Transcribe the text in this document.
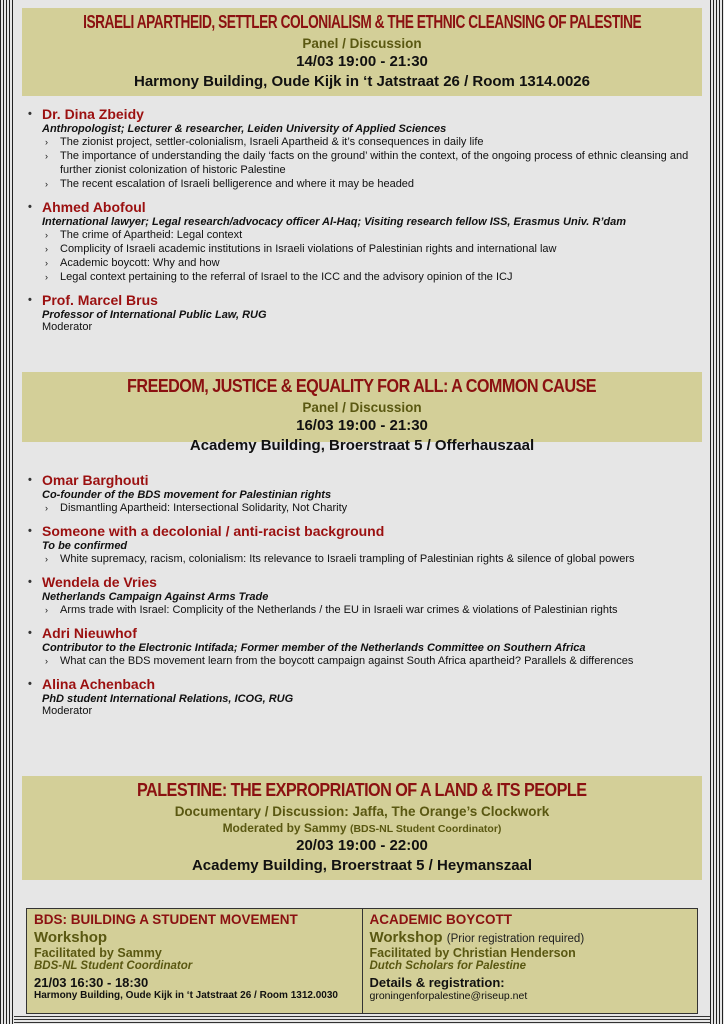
ISRAELI APARTHEID, SETTLER COLONIALISM & THE ETHNIC CLEANSING OF PALESTINE
Panel / Discussion
14/03 19:00 - 21:30
Harmony Building, Oude Kijk in ‘t Jatstraat 26 / Room 1314.0026
• Dr. Dina Zbeidy
Anthropologist; Lecturer & researcher, Leiden University of Applied Sciences
› The zionist project, settler-colonialism, Israeli Apartheid & it’s consequences in daily life
› The importance of understanding the daily ‘facts on the ground’ within the context, of the ongoing process of ethnic cleansing and further zionist colonization of historic Palestine
› The recent escalation of Israeli belligerence and where it may be headed
• Ahmed Abofoul
International lawyer; Legal research/advocacy officer Al-Haq; Visiting research fellow ISS, Erasmus Univ. R’dam
› The crime of Apartheid: Legal context
› Complicity of Israeli academic institutions in Israeli violations of Palestinian rights and international law
› Academic boycott: Why and how
› Legal context pertaining to the referral of Israel to the ICC and the advisory opinion of the ICJ
• Prof. Marcel Brus
Professor of International Public Law, RUG
Moderator
FREEDOM, JUSTICE & EQUALITY FOR ALL: A COMMON CAUSE
Panel / Discussion
16/03 19:00 - 21:30
Academy Building, Broerstraat 5 / Offerhauszaal
• Omar Barghouti
Co-founder of the BDS movement for Palestinian rights
› Dismantling Apartheid: Intersectional Solidarity, Not Charity
• Someone with a decolonial / anti-racist background
To be confirmed
› White supremacy, racism, colonialism: Its relevance to Israeli trampling of Palestinian rights & silence of global powers
• Wendela de Vries
Netherlands Campaign Against Arms Trade
› Arms trade with Israel: Complicity of the Netherlands / the EU in Israeli war crimes & violations of Palestinian rights
• Adri Nieuwhof
Contributor to the Electronic Intifada; Former member of the Netherlands Committee on Southern Africa
› What can the BDS movement learn from the boycott campaign against South Africa apartheid? Parallels & differences
• Alina Achenbach
PhD student International Relations, ICOG, RUG
Moderator
PALESTINE: THE EXPROPRIATION OF A LAND & ITS PEOPLE
Documentary / Discussion: Jaffa, The Orange’s Clockwork
Moderated by Sammy (BDS-NL Student Coordinator)
20/03 19:00 - 22:00
Academy Building, Broerstraat 5 / Heymanszaal
BDS: BUILDING A STUDENT MOVEMENT
Workshop
Facilitated by Sammy
BDS-NL Student Coordinator
21/03 16:30 - 18:30
Harmony Building, Oude Kijk in ‘t Jatstraat 26 / Room 1312.0030
ACADEMIC BOYCOTT
Workshop (Prior registration required)
Facilitated by Christian Henderson
Dutch Scholars for Palestine
Details & registration:
groningenforpalestine@riseup.net
